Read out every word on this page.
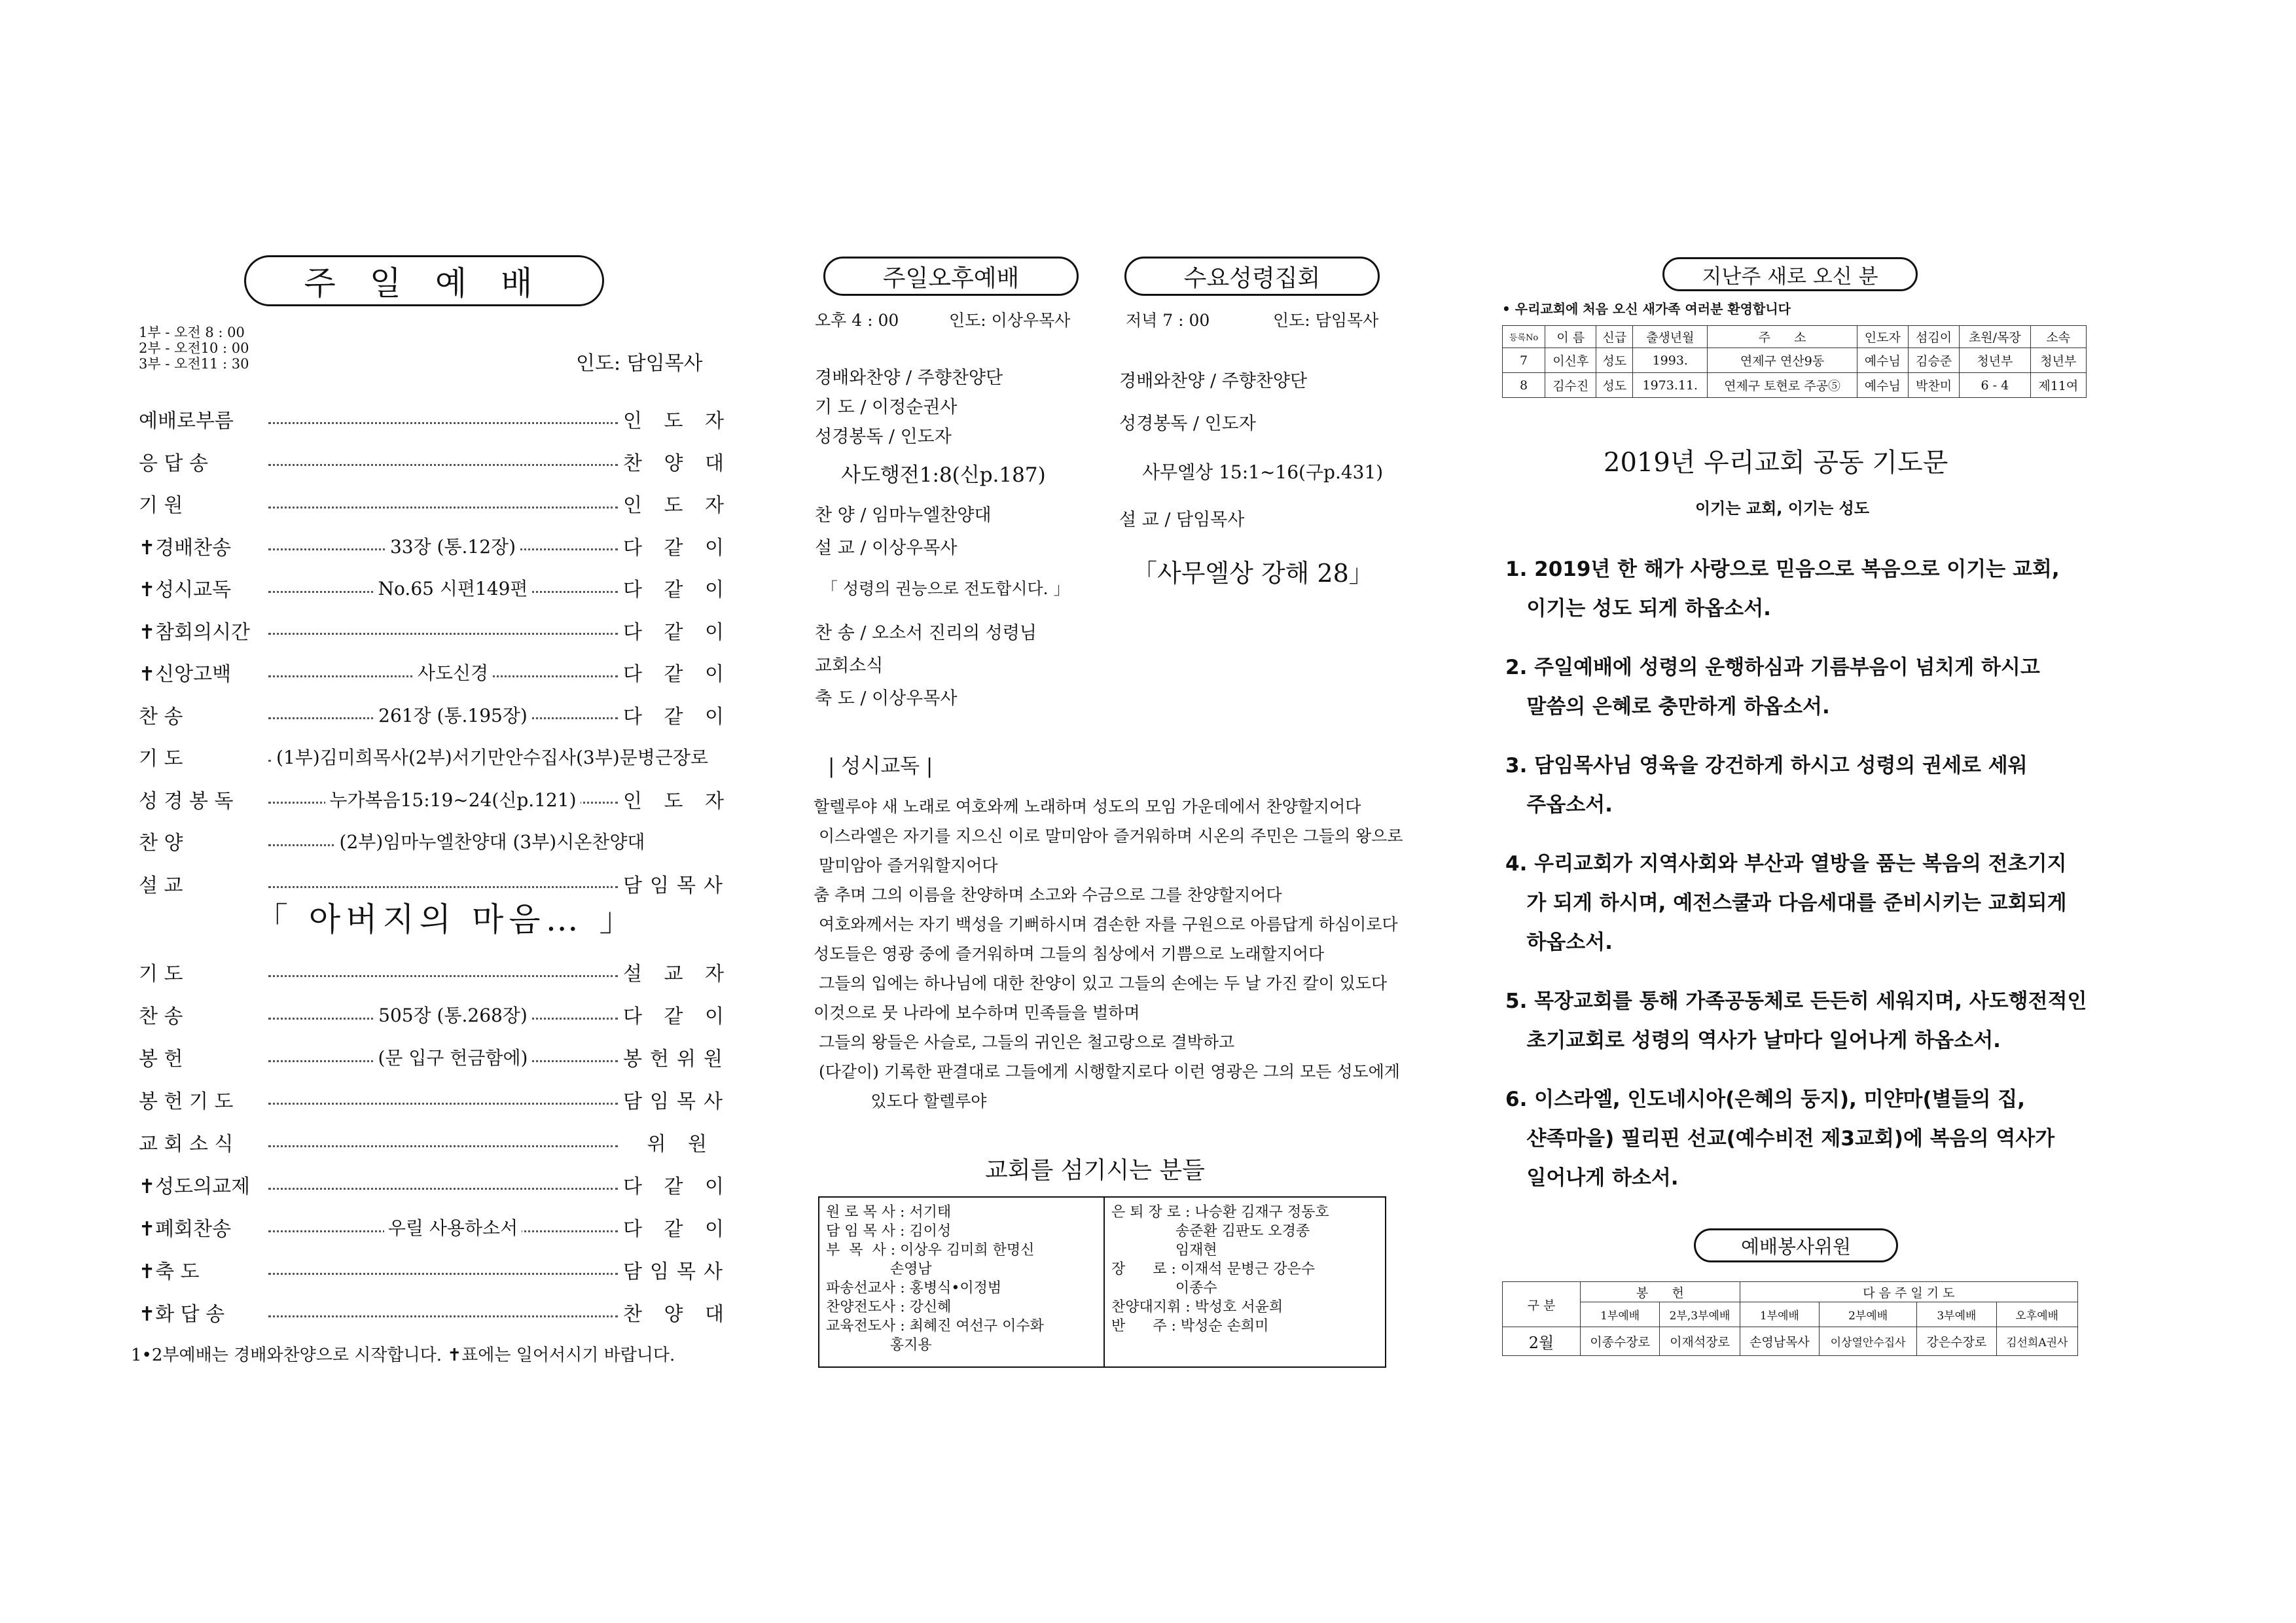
주 일 예 배
1부 - 오전 8 : 00
2부 - 오전10 : 00
3부 - 오전11 : 30	인도: 담임목사
예배로부름	인 도 자
응 답 송	찬 양 대
기 원	인 도 자
✝경배찬송	33장 (통.12장)	다 같 이
✝성시교독	No.65 시편149편	다 같 이
✝참회의시간	다 같 이
✝신앙고백	사도신경	다 같 이
찬 송	261장 (통.195장)	다 같 이
기 도	(1부)김미희목사(2부)서기만안수집사(3부)문병근장로
성 경 봉 독	누가복음15:19~24(신p.121)	인 도 자
찬 양	(2부)임마누엘찬양대 (3부)시온찬양대
설 교	담임목사
「 아버지의 마음… 」
기 도	설 교 자
찬 송	505장 (통.268장)	다 같 이
봉 헌	(문 입구 헌금함에)	봉헌위원
봉 헌 기 도	담임목사
교 회 소 식	위 원
✝성도의교제	다 같 이
✝폐회찬송	우릴 사용하소서	다 같 이
✝축 도	담임목사
✝화 답 송	찬 양 대
1•2부예배는 경배와찬양으로 시작합니다. ✝표에는 일어서시기 바랍니다.
주일오후예배
오후 4 : 00	인도: 이상우목사
경배와찬양 / 주향찬양단
기 도 / 이정순권사
성경봉독 / 인도자
사도행전1:8(신p.187)
찬 양 / 임마누엘찬양대
설 교 / 이상우목사
「 성령의 권능으로 전도합시다. 」
찬 송 / 오소서 진리의 성령님
교회소식
축 도 / 이상우목사
수요성령집회
저녁 7 : 00	인도: 담임목사
경배와찬양 / 주향찬양단
성경봉독 / 인도자
사무엘상 15:1~16(구p.431)
설 교 / 담임목사
「사무엘상 강해 28」
| 성시교독 |
할렐루야 새 노래로 여호와께 노래하며 성도의 모임 가운데에서 찬양할지어다
이스라엘은 자기를 지으신 이로 말미암아 즐거워하며 시온의 주민은 그들의 왕으로
말미암아 즐거워할지어다
춤 추며 그의 이름을 찬양하며 소고와 수금으로 그를 찬양할지어다
여호와께서는 자기 백성을 기뻐하시며 겸손한 자를 구원으로 아름답게 하심이로다
성도들은 영광 중에 즐거워하며 그들의 침상에서 기쁨으로 노래할지어다
그들의 입에는 하나님에 대한 찬양이 있고 그들의 손에는 두 날 가진 칼이 있도다
이것으로 뭇 나라에 보수하며 민족들을 벌하며
그들의 왕들은 사슬로, 그들의 귀인은 철고랑으로 결박하고
(다같이) 기록한 판결대로 그들에게 시행할지로다 이런 영광은 그의 모든 성도에게
있도다 할렐루야
교회를 섬기시는 분들
원 로 목 사 : 서기태
담 임 목 사 : 김이성
부  목  사 : 이상우 김미희 한명신
손영남
파송선교사 : 홍병식•이정범
찬양전도사 : 강신혜
교육전도사 : 최혜진 여선구 이수화
홍지용
은 퇴 장 로 : 나승환 김재구 정동호
송준환 김판도 오경종
임재현
장      로 : 이재석 문병근 강은수
이종수
찬양대지휘 : 박성호 서윤희
반      주 : 박성순 손희미
지난주 새로 오신 분
• 우리교회에 처음 오신 새가족 여러분 환영합니다
등록No	이 름	신급	출생년월	주      소	인도자	섬김이	초원/목장	소속
7	이신후	성도	1993.	연제구 연산9동	예수님	김승준	청년부	청년부
8	김수진	성도	1973.11.	연제구 토현로 주공⑤	예수님	박찬미	6 - 4	제11여
2019년 우리교회 공동 기도문
이기는 교회, 이기는 성도
1. 2019년 한 해가 사랑으로 믿음으로 복음으로 이기는 교회,
이기는 성도 되게 하옵소서.
2. 주일예배에 성령의 운행하심과 기름부음이 넘치게 하시고
말씀의 은혜로 충만하게 하옵소서.
3. 담임목사님 영육을 강건하게 하시고 성령의 권세로 세워
주옵소서.
4. 우리교회가 지역사회와 부산과 열방을 품는 복음의 전초기지
가 되게 하시며, 예전스쿨과 다음세대를 준비시키는 교회되게
하옵소서.
5. 목장교회를 통해 가족공동체로 든든히 세워지며, 사도행전적인
초기교회로 성령의 역사가 날마다 일어나게 하옵소서.
6. 이스라엘, 인도네시아(은혜의 둥지), 미얀마(별들의 집,
샨족마을) 필리핀 선교(예수비전 제3교회)에 복음의 역사가
일어나게 하소서.
예배봉사위원
구 분	봉      헌		다 음 주 일 기 도			
	1부예배	2부,3부예배	1부예배	2부예배	3부예배	오후예배
2월	이종수장로	이재석장로	손영남목사	이상열안수집사	강은수장로	김선희A권사
